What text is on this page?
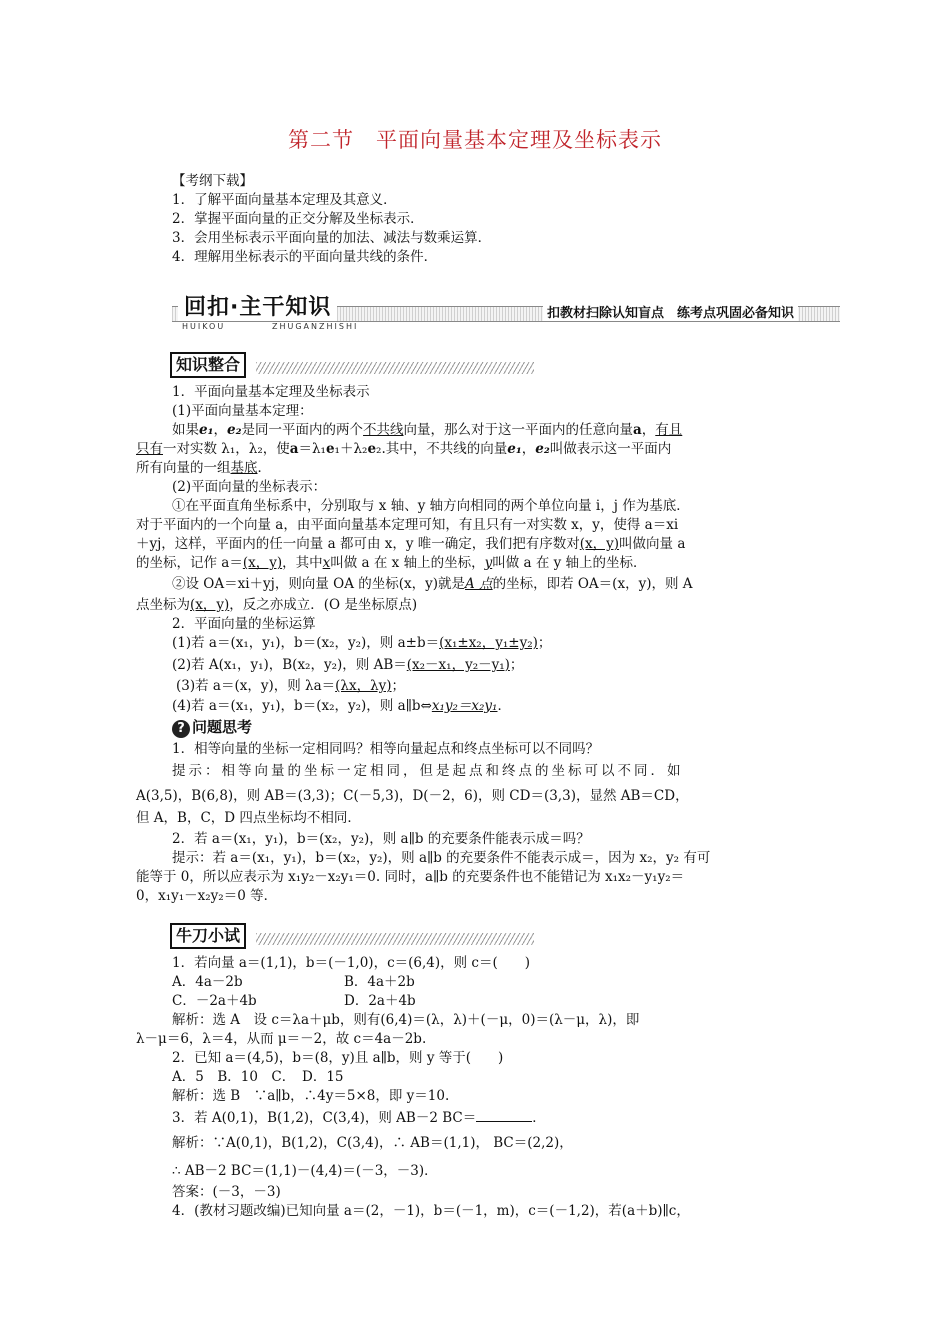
第二节　平面向量基本定理及坐标表示
【考纲下载】
1．了解平面向量基本定理及其意义．
2．掌握平面向量的正交分解及坐标表示．
3．会用坐标表示平面向量的加法、减法与数乘运算．
4．理解用坐标表示的平面向量共线的条件．
回扣·主干知识
HUIKOU	ZHUGANZHISHI
扣教材扫除认知盲点　练考点巩固必备知识
知识整合
1．平面向量基本定理及坐标表示
(1)平面向量基本定理：
如果e₁，e₂是同一平面内的两个不共线向量，那么对于这一平面内的任意向量a，有且
只有一对实数 λ₁，λ₂，使a＝λ₁e₁＋λ₂e₂.其中，不共线的向量e₁，e₂叫做表示这一平面内
所有向量的一组基底．
(2)平面向量的坐标表示：
①在平面直角坐标系中，分别取与 x 轴、y 轴方向相同的两个单位向量 i，j 作为基底．
对于平面内的一个向量 a，由平面向量基本定理可知，有且只有一对实数 x，y，使得 a＝xi
＋yj，这样，平面内的任一向量 a 都可由 x，y 唯一确定，我们把有序数对(x，y)叫做向量 a
的坐标，记作 a＝(x，y)，其中x叫做 a 在 x 轴上的坐标，y叫做 a 在 y 轴上的坐标．
②设 OA＝xi＋yj，则向量 OA 的坐标(x，y)就是A 点的坐标，即若 OA＝(x，y)，则 A
点坐标为(x，y)，反之亦成立．(O 是坐标原点)
2．平面向量的坐标运算
(1)若 a＝(x₁，y₁)，b＝(x₂，y₂)，则 a±b＝(x₁±x₂，y₁±y₂)；
(2)若 A(x₁，y₁)，B(x₂，y₂)，则 AB＝(x₂－x₁，y₂－y₁)；
(3)若 a＝(x，y)，则 λa＝(λx，λy)；
(4)若 a＝(x₁，y₁)，b＝(x₂，y₂)，则 a∥b⇔x₁y₂＝x₂y₁．
? 问题思考
1．相等向量的坐标一定相同吗？相等向量起点和终点坐标可以不同吗？
提示：相等向量的坐标一定相同，但是起点和终点的坐标可以不同．如
A(3,5)，B(6,8)，则 AB＝(3,3)；C(－5,3)，D(－2，6)，则 CD＝(3,3)，显然 AB＝CD，
但 A，B，C，D 四点坐标均不相同．
2．若 a＝(x₁，y₁)，b＝(x₂，y₂)，则 a∥b 的充要条件能表示成＝吗？
提示：若 a＝(x₁，y₁)，b＝(x₂，y₂)，则 a∥b 的充要条件不能表示成＝，因为 x₂，y₂ 有可
能等于 0，所以应表示为 x₁y₂－x₂y₁＝0. 同时，a∥b 的充要条件也不能错记为 x₁x₂－y₁y₂＝
0，x₁y₁－x₂y₂＝0 等．
牛刀小试
1．若向量 a＝(1,1)，b＝(－1,0)，c＝(6,4)，则 c＝(　　)
A．4a－2b	B．4a＋2b
C．－2a＋4b	D．2a＋4b
解析：选 A　设 c＝λa＋μb，则有(6,4)＝(λ，λ)＋(－μ，0)＝(λ－μ，λ)，即
λ－μ＝6，λ＝4，从而 μ＝－2，故 c＝4a－2b.
2．已知 a＝(4,5)，b＝(8，y)且 a∥b，则 y 等于(　　)
A．5　B．10　C．　D．15
解析：选 B　∵a∥b，∴4y＝5×8，即 y＝10.
3．若 A(0,1)，B(1,2)，C(3,4)，则 AB－2 BC＝	．
解析：∵A(0,1)，B(1,2)，C(3,4)，∴ AB＝(1,1)， BC＝(2,2)，
∴ AB－2 BC＝(1,1)－(4,4)＝(－3，－3)．
答案：(－3，－3)
4．(教材习题改编)已知向量 a＝(2，－1)，b＝(－1，m)，c＝(－1,2)，若(a＋b)∥c，
